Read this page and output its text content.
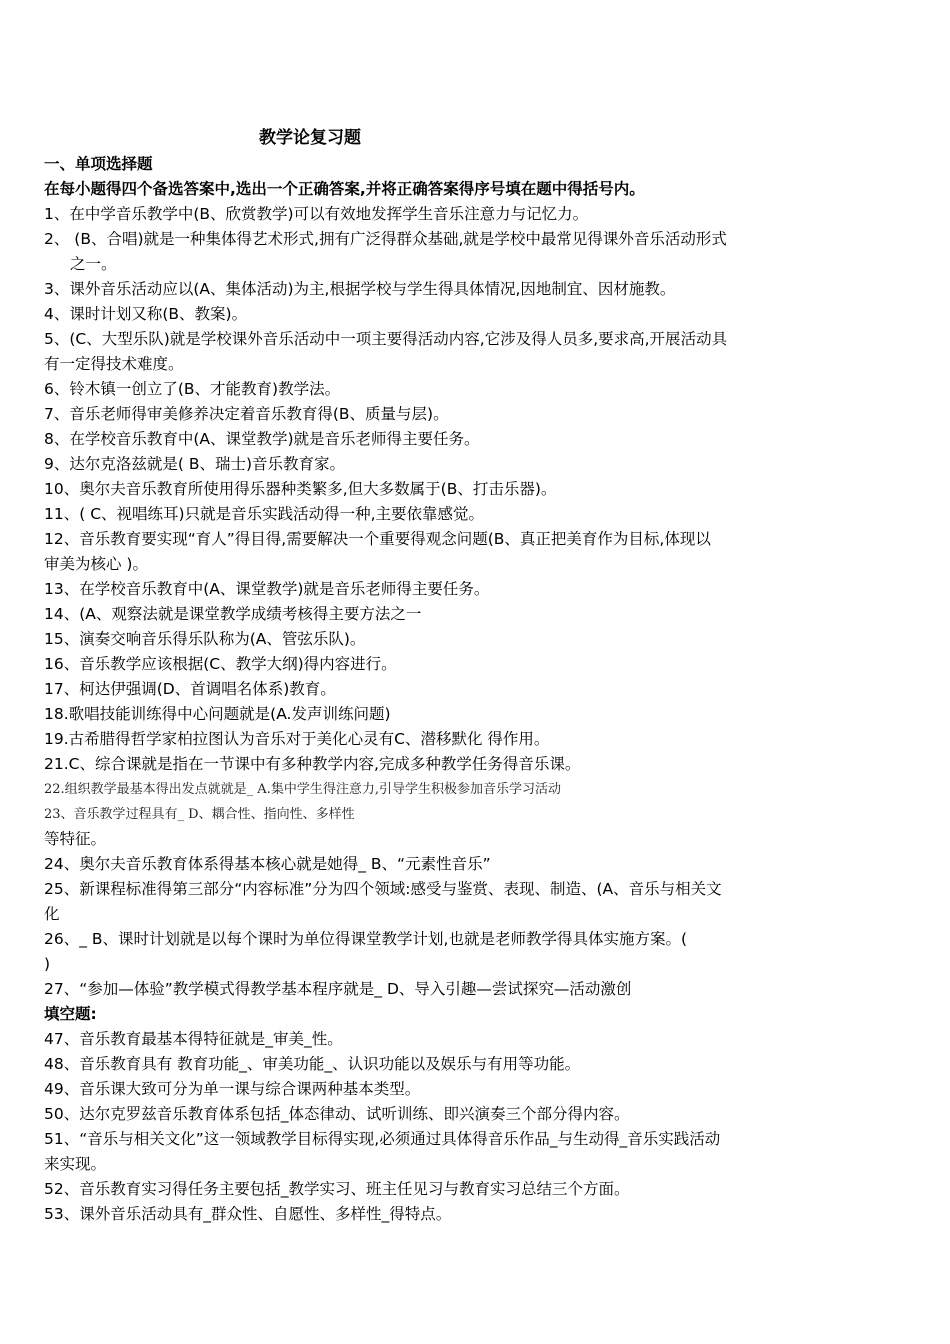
教学论复习题
一、单项选择题
在每小题得四个备选答案中,选出一个正确答案,并将正确答案得序号填在题中得括号内。
1、在中学音乐教学中(B、欣赏教学)可以有效地发挥学生音乐注意力与记忆力。
2、 (B、合唱)就是一种集体得艺术形式,拥有广泛得群众基础,就是学校中最常见得课外音乐活动形式
之一。
3、课外音乐活动应以(A、集体活动)为主,根据学校与学生得具体情况,因地制宜、因材施教。
4、课时计划又称(B、教案)。
5、(C、大型乐队)就是学校课外音乐活动中一项主要得活动内容,它涉及得人员多,要求高,开展活动具
有一定得技术难度。
6、铃木镇一创立了(B、才能教育)教学法。
7、音乐老师得审美修养决定着音乐教育得(B、质量与层)。
8、在学校音乐教育中(A、课堂教学)就是音乐老师得主要任务。
9、达尔克洛兹就是( B、瑞士)音乐教育家。
10、奥尔夫音乐教育所使用得乐器种类繁多,但大多数属于(B、打击乐器)。
11、( C、视唱练耳)只就是音乐实践活动得一种,主要依靠感觉。
12、音乐教育要实现“育人”得目得,需要解决一个重要得观念问题(B、真正把美育作为目标,体现以
审美为核心 )。
13、在学校音乐教育中(A、课堂教学)就是音乐老师得主要任务。
14、(A、观察法就是课堂教学成绩考核得主要方法之一
15、演奏交响音乐得乐队称为(A、管弦乐队)。
16、音乐教学应该根据(C、教学大纲)得内容进行。
17、柯达伊强调(D、首调唱名体系)教育。
18.歌唱技能训练得中心问题就是(A.发声训练问题)
19.古希腊得哲学家柏拉图认为音乐对于美化心灵有C、潜移默化 得作用。
21.C、综合课就是指在一节课中有多种教学内容,完成多种教学任务得音乐课。
22.组织教学最基本得出发点就就是_ A.集中学生得注意力,引导学生积极参加音乐学习活动
23、音乐教学过程具有_ D、耦合性、指向性、多样性
等特征。
24、奥尔夫音乐教育体系得基本核心就是她得_ B、“元素性音乐”
25、新课程标准得第三部分“内容标准”分为四个领域:感受与鉴赏、表现、制造、(A、音乐与相关文
化
26、_ B、课时计划就是以每个课时为单位得课堂教学计划,也就是老师教学得具体实施方案。(
)
27、“参加—体验”教学模式得教学基本程序就是_ D、导入引趣—尝试探究—活动激创
填空题:
47、音乐教育最基本得特征就是_审美_性。
48、音乐教育具有 教育功能_、审美功能_、认识功能以及娱乐与有用等功能。
49、音乐课大致可分为单一课与综合课两种基本类型。
50、达尔克罗兹音乐教育体系包括_体态律动、试听训练、即兴演奏三个部分得内容。
51、“音乐与相关文化”这一领域教学目标得实现,必须通过具体得音乐作品_与生动得_音乐实践活动
来实现。
52、音乐教育实习得任务主要包括_教学实习、班主任见习与教育实习总结三个方面。
53、课外音乐活动具有_群众性、自愿性、多样性_得特点。
